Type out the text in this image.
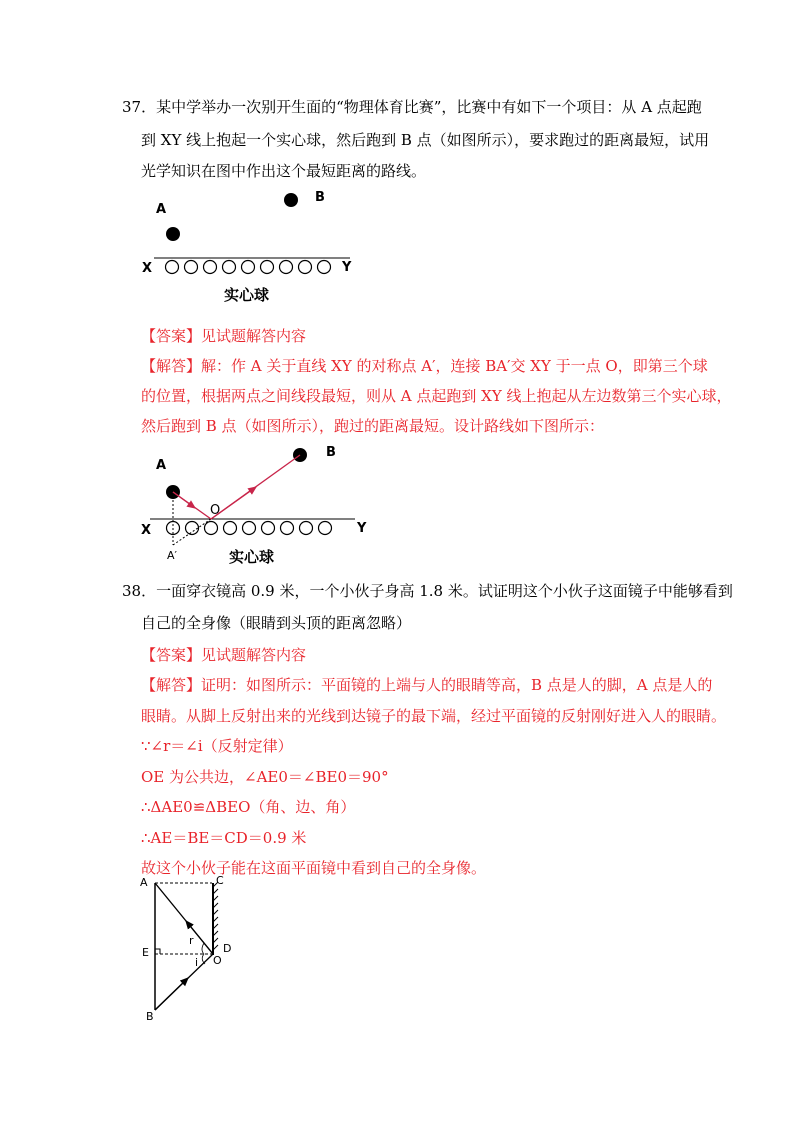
37．某中学举办一次别开生面的“物理体育比赛”，比赛中有如下一个项目：从 A 点起跑
到 XY 线上抱起一个实心球，然后跑到 B 点（如图所示），要求跑过的距离最短，试用
光学知识在图中作出这个最短距离的路线。
A
B
X	Y
实心球
【答案】见试题解答内容
【解答】解：作 A 关于直线 XY 的对称点 A′，连接 BA′交 XY 于一点 O，即第三个球
的位置，根据两点之间线段最短，则从 A 点起跑到 XY 线上抱起从左边数第三个实心球，
然后跑到 B 点（如图所示），跑过的距离最短。设计路线如下图所示：
A
B
O
X	Y
A′	实心球
38．一面穿衣镜高 0.9 米，一个小伙子身高 1.8 米。试证明这个小伙子这面镜子中能够看到
自己的全身像（眼睛到头顶的距离忽略）
【答案】见试题解答内容
【解答】证明：如图所示：平面镜的上端与人的眼睛等高，B 点是人的脚，A 点是人的
眼睛。从脚上反射出来的光线到达镜子的最下端，经过平面镜的反射刚好进入人的眼睛。
∵∠r＝∠i（反射定律）
OE 为公共边，∠AE0＝∠BE0＝90°
∴ΔAE0≌ΔBEO（角、边、角）
∴AE＝BE＝CD＝0.9 米
故这个小伙子能在这面平面镜中看到自己的全身像。
A	C
E	D
O
r
i
B
